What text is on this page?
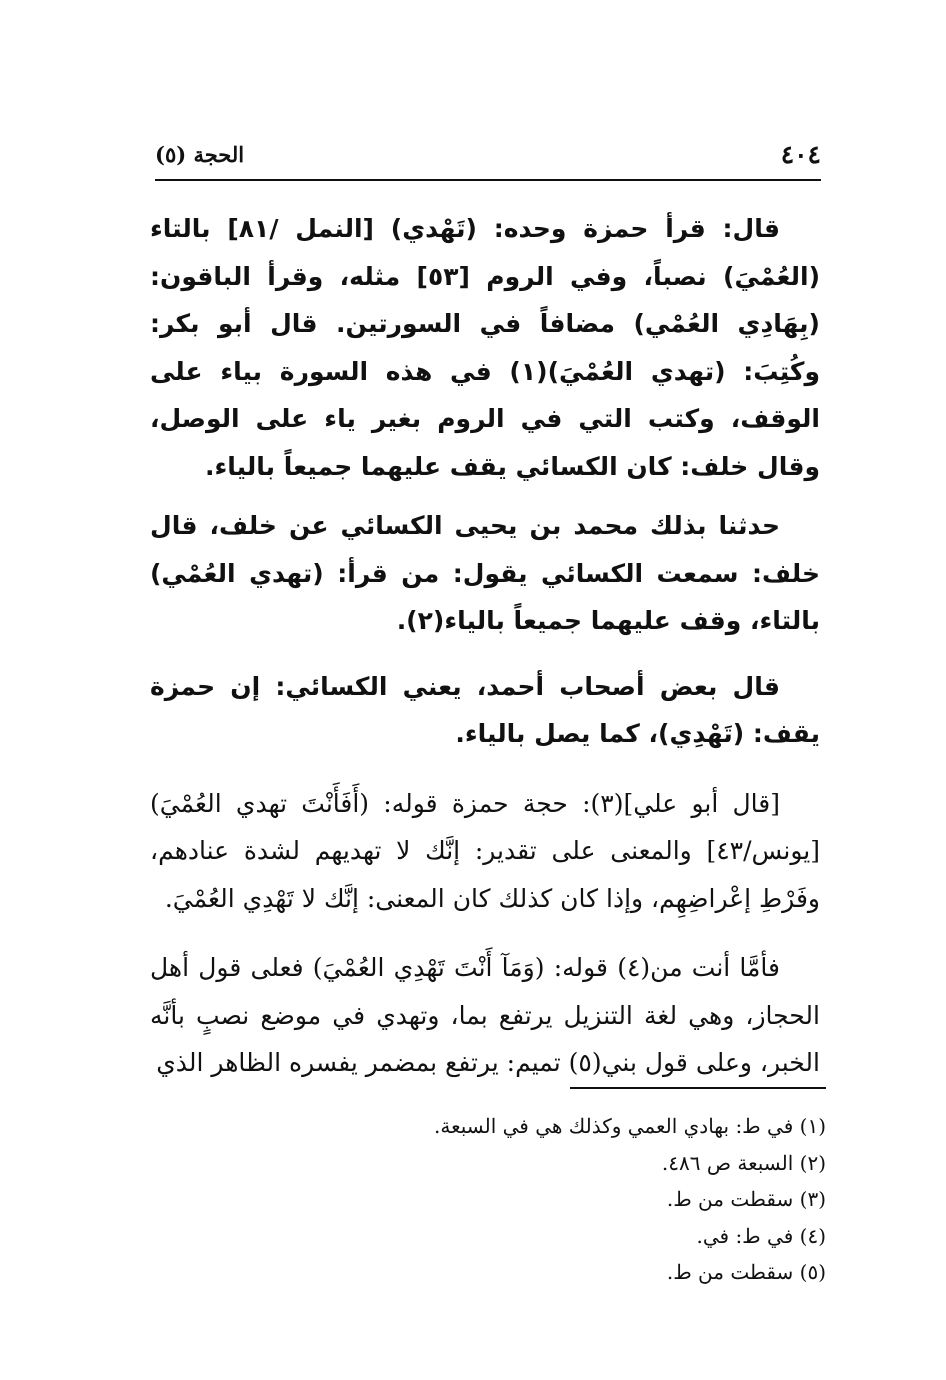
٤٠٤
الحجة (٥)

قال: قرأ حمزة وحده: (تَهْدي) [النمل /٨١] بالتاء (العُمْيَ) نصباً، وفي الروم [٥٣] مثله، وقرأ الباقون: (بِهَادِي العُمْي) مضافاً في السورتين. قال أبو بكر: وكُتِبَ: (تهدي العُمْيَ)(١) في هذه السورة بياء على الوقف، وكتب التي في الروم بغير ياء على الوصل، وقال خلف: كان الكسائي يقف عليهما جميعاً بالياء.

حدثنا بذلك محمد بن يحيى الكسائي عن خلف، قال خلف: سمعت الكسائي يقول: من قرأ: (تهدي العُمْي) بالتاء، وقف عليهما جميعاً بالياء(٢).

قال بعض أصحاب أحمد، يعني الكسائي: إن حمزة يقف: (تَهْدِي)، كما يصل بالياء.

[قال أبو علي](٣): حجة حمزة قوله: (أَفَأَنْتَ تهدي العُمْيَ) [يونس/٤٣] والمعنى على تقدير: إنَّك لا تهديهم لشدة عنادهم، وفَرْطِ إعْراضِهِم، وإذا كان كذلك كان المعنى: إنَّك لا تَهْدِي العُمْيَ.

فأمَّا أنت من(٤) قوله: (وَمَآ أَنْتَ تَهْدِي العُمْيَ) فعلى قول أهل الحجاز، وهي لغة التنزيل يرتفع بما، وتهدي في موضع نصبٍ بأنَّه الخبر، وعلى قول بني(٥) تميم: يرتفع بمضمر يفسره الظاهر الذي

(١) في ط: بهادي العمي وكذلك هي في السبعة.
(٢) السبعة ص ٤٨٦.
(٣) سقطت من ط.
(٤) في ط: في.
(٥) سقطت من ط.
